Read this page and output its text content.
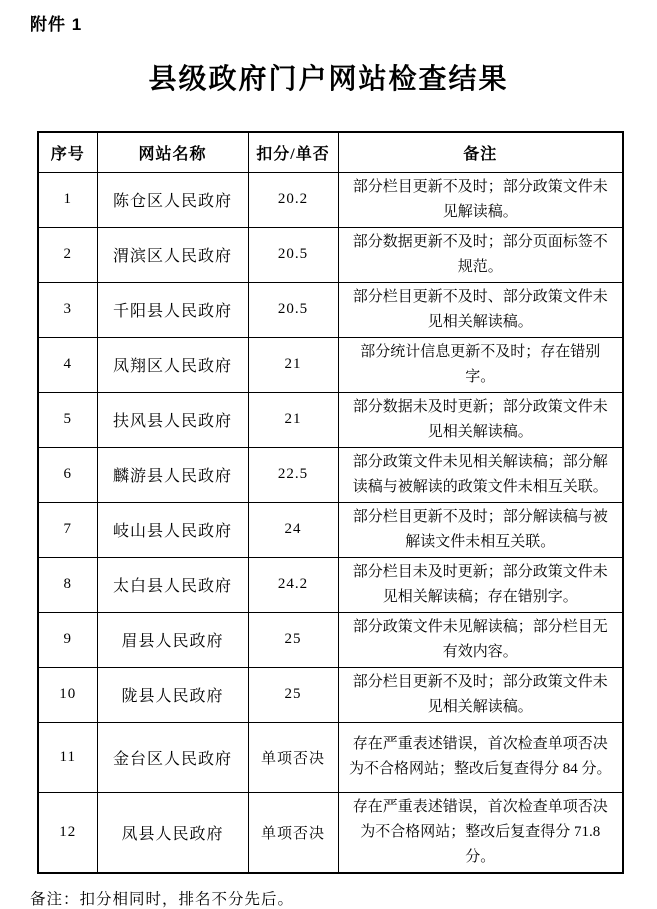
附件 1
县级政府门户网站检查结果
序号	网站名称	扣分/单否	备注
1	陈仓区人民政府	20.2	部分栏目更新不及时；部分政策文件未见解读稿。
2	渭滨区人民政府	20.5	部分数据更新不及时；部分页面标签不规范。
3	千阳县人民政府	20.5	部分栏目更新不及时、部分政策文件未见相关解读稿。
4	凤翔区人民政府	21	部分统计信息更新不及时；存在错别字。
5	扶风县人民政府	21	部分数据未及时更新；部分政策文件未见相关解读稿。
6	麟游县人民政府	22.5	部分政策文件未见相关解读稿；部分解读稿与被解读的政策文件未相互关联。
7	岐山县人民政府	24	部分栏目更新不及时；部分解读稿与被解读文件未相互关联。
8	太白县人民政府	24.2	部分栏目未及时更新；部分政策文件未见相关解读稿；存在错别字。
9	眉县人民政府	25	部分政策文件未见解读稿；部分栏目无有效内容。
10	陇县人民政府	25	部分栏目更新不及时；部分政策文件未见相关解读稿。
11	金台区人民政府	单项否决	存在严重表述错误，首次检查单项否决为不合格网站；整改后复查得分 84 分。
12	凤县人民政府	单项否决	存在严重表述错误，首次检查单项否决为不合格网站；整改后复查得分 71.8 分。
备注：扣分相同时，排名不分先后。
